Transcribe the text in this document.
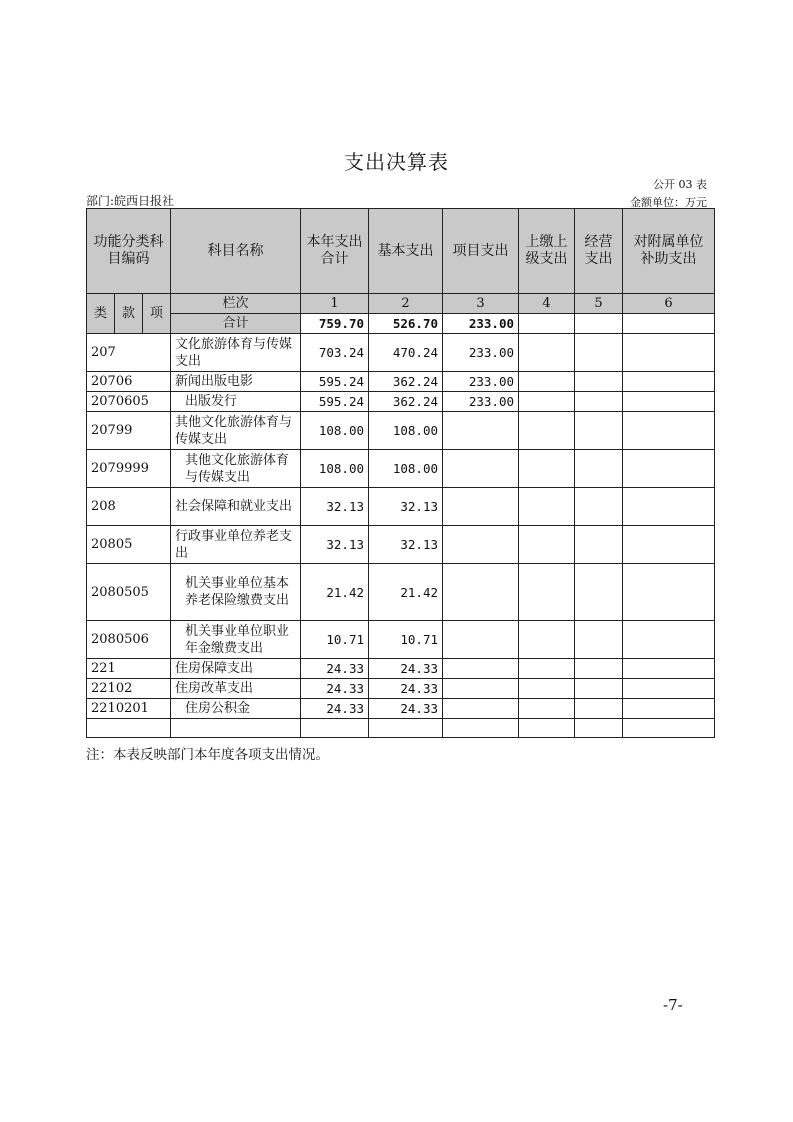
支出决算表
公开 03 表
部门:皖西日报社	金额单位：万元
功能分类科目编码			科目名称	本年支出合计	基本支出	项目支出	上缴上级支出	经营支出	对附属单位补助支出
类	款	项	栏次	1	2	3	4	5	6
			合计	759.70	526.70	233.00			
207			文化旅游体育与传媒支出	703.24	470.24	233.00			
20706			新闻出版电影	595.24	362.24	233.00			
2070605			出版发行	595.24	362.24	233.00			
20799			其他文化旅游体育与传媒支出	108.00	108.00				
2079999			其他文化旅游体育与传媒支出	108.00	108.00				
208			社会保障和就业支出	32.13	32.13				
20805			行政事业单位养老支出	32.13	32.13				
2080505			机关事业单位基本养老保险缴费支出	21.42	21.42				
2080506			机关事业单位职业年金缴费支出	10.71	10.71				
221			住房保障支出	24.33	24.33				
22102			住房改革支出	24.33	24.33				
2210201			住房公积金	24.33	24.33				

注：本表反映部门本年度各项支出情况。
-7-
